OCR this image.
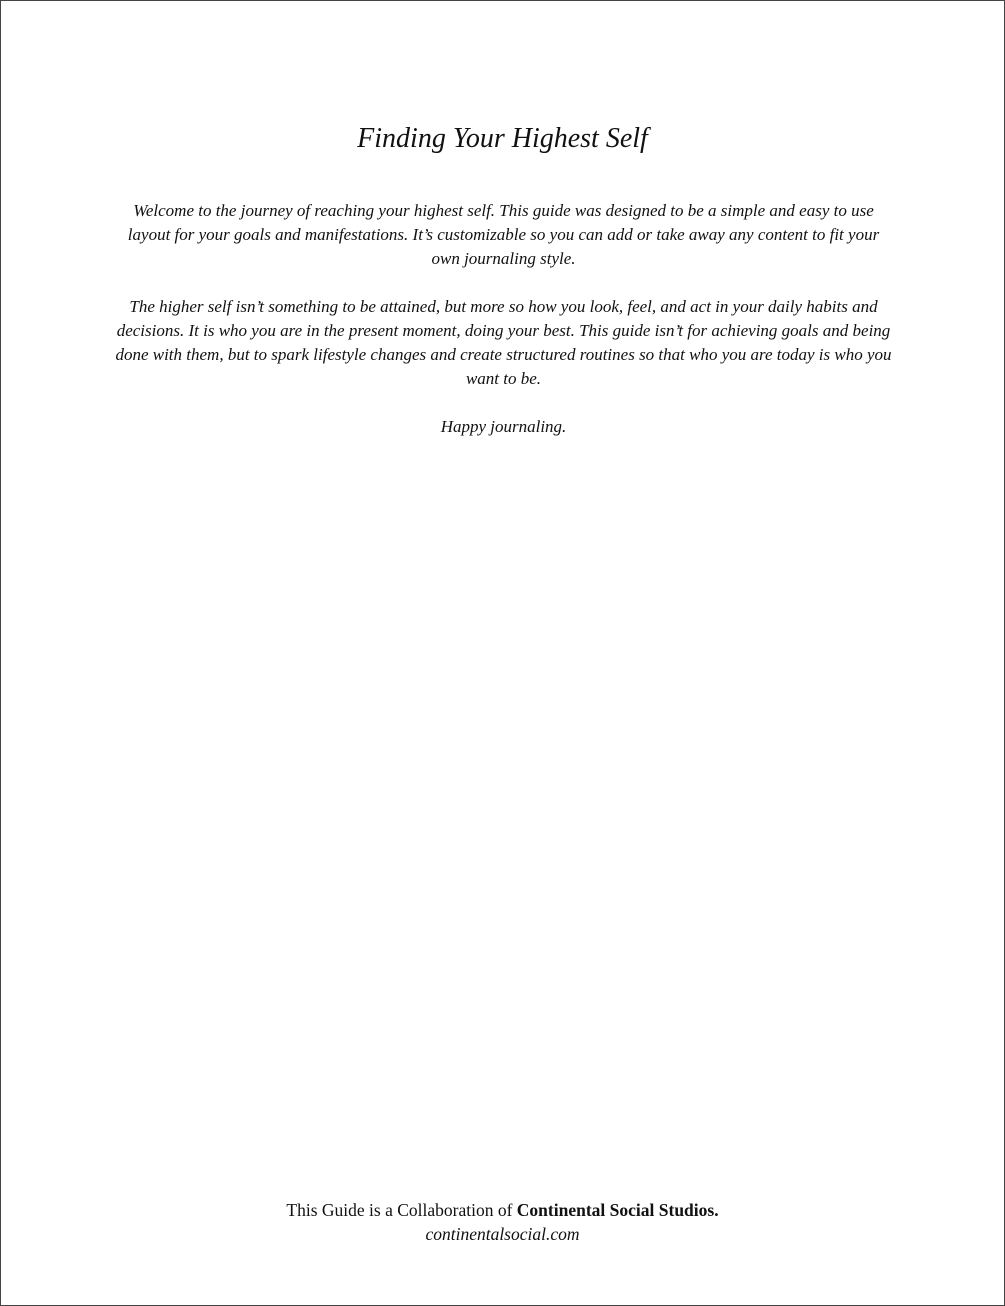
Finding Your Highest Self

Welcome to the journey of reaching your highest self. This guide was designed to be a simple and easy to use layout for your goals and manifestations. It’s customizable so you can add or take away any content to fit your own journaling style.

The higher self isn’t something to be attained, but more so how you look, feel, and act in your daily habits and decisions. It is who you are in the present moment, doing your best. This guide isn’t for achieving goals and being done with them, but to spark lifestyle changes and create structured routines so that who you are today is who you want to be.

Happy journaling.

This Guide is a Collaboration of Continental Social Studios.
continentalsocial.com
